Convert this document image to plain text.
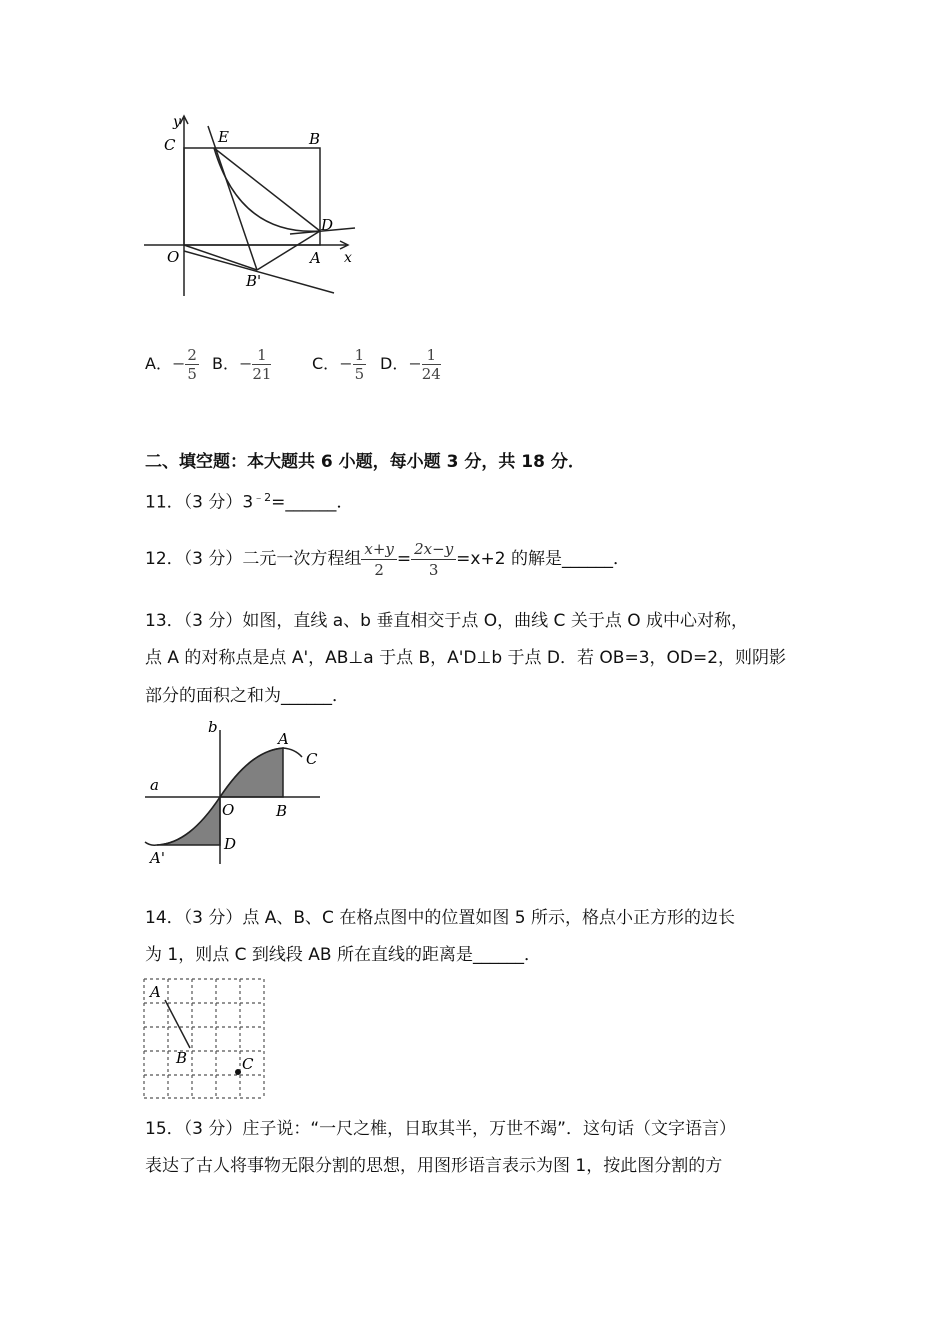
y
C	E	B
D
O	A x
B'
A．− $\frac{2}{5}$ B．− $\frac{1}{21}$	C．− $\frac{1}{5}$ D．− $\frac{1}{24}$
二、填空题：本大题共 6 小题，每小题 3 分，共 18 分．
11．（3 分）$3^{﹣2}=\_\_\_\_\_\_$．
12．（3 分）二元一次方程组 $\frac{x+y}{2} = \frac{2x-y}{3} =x+2$ 的解是______．
13．（3 分）如图，直线 a、b 垂直相交于点 O，曲线 C 关于点 O 成中心对称，
点 A 的对称点是点 A'，AB⊥a 于点 B，A'D⊥b 于点 D．若 OB=3，OD=2，则阴影
部分的面积之和为______．
b
A
C
a
O	B
D
A'
14．（3 分）点 A、B、C 在格点图中的位置如图 5 所示，格点小正方形的边长
为 1，则点 C 到线段 AB 所在直线的距离是______．
A
B	C
15．（3 分）庄子说：“一尺之椎，日取其半，万世不竭”．这句话（文字语言）
表达了古人将事物无限分割的思想，用图形语言表示为图 1，按此图分割的方
